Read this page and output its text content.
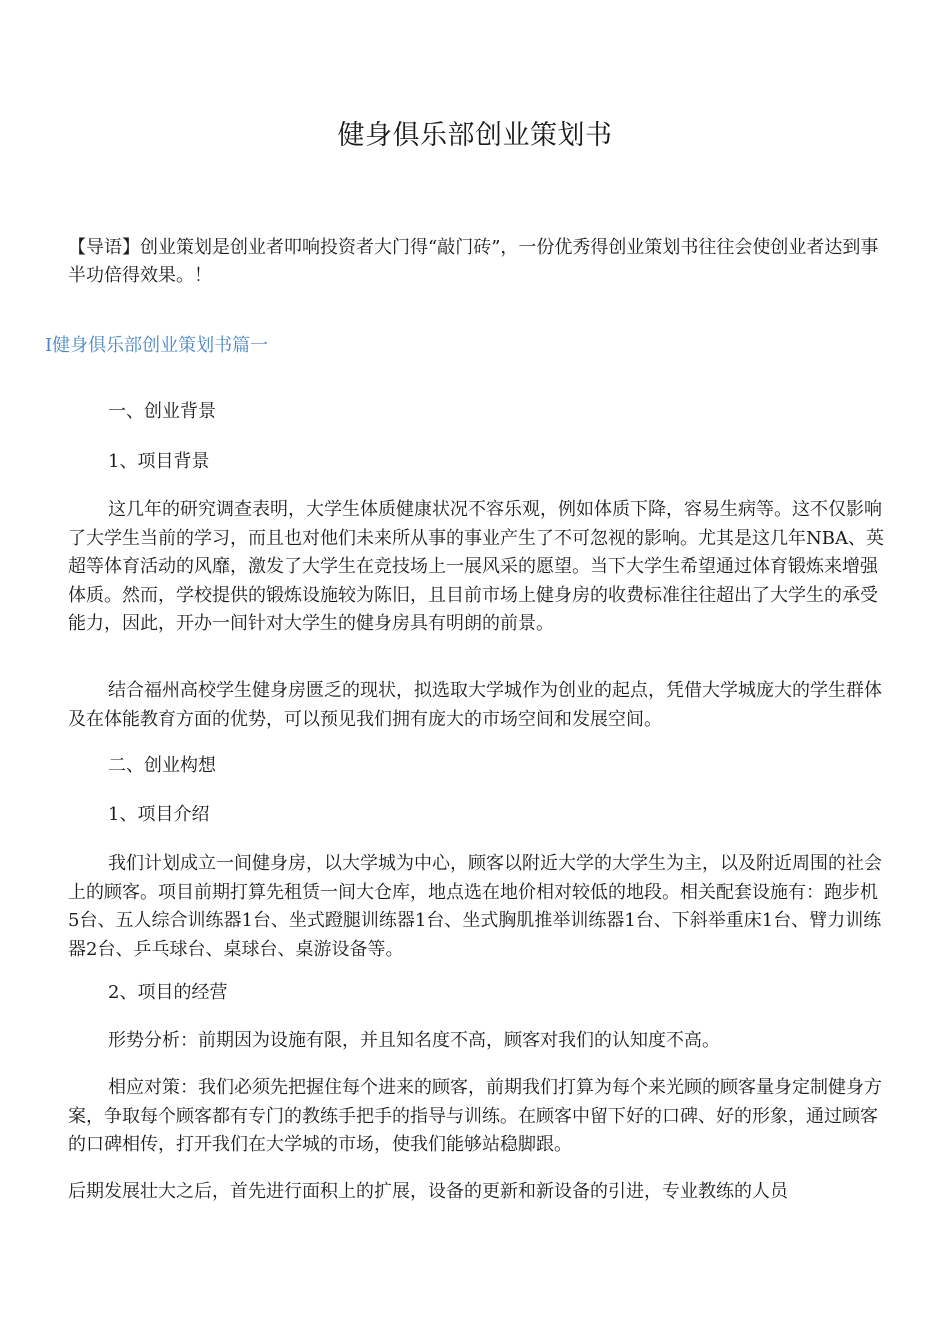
健身俱乐部创业策划书

【导语】创业策划是创业者叩响投资者大门得“敲门砖”，一份优秀得创业策划书往往会使创业者达到事半功倍得效果。！

I健身俱乐部创业策划书篇一
一、创业背景
1、项目背景

这几年的研究调查表明，大学生体质健康状况不容乐观，例如体质下降，容易生病等。这不仅影响了大学生当前的学习，而且也对他们未来所从事的事业产生了不可忽视的影响。尤其是这几年NBA、英超等体育活动的风靡，激发了大学生在竞技场上一展风采的愿望。当下大学生希望通过体育锻炼来增强体质。然而，学校提供的锻炼设施较为陈旧，且目前市场上健身房的收费标准往往超出了大学生的承受能力，因此，开办一间针对大学生的健身房具有明朗的前景。

结合福州高校学生健身房匮乏的现状，拟选取大学城作为创业的起点，凭借大学城庞大的学生群体及在体能教育方面的优势，可以预见我们拥有庞大的市场空间和发展空间。

二、创业构想
1、项目介绍

我们计划成立一间健身房，以大学城为中心，顾客以附近大学的大学生为主，以及附近周围的社会上的顾客。项目前期打算先租赁一间大仓库，地点选在地价相对较低的地段。相关配套设施有：跑步机5台、五人综合训练器1台、坐式蹬腿训练器1台、坐式胸肌推举训练器1台、下斜举重床1台、臂力训练器2台、乒乓球台、桌球台、桌游设备等。

2、项目的经营

形势分析：前期因为设施有限，并且知名度不高，顾客对我们的认知度不高。

相应对策：我们必须先把握住每个进来的顾客，前期我们打算为每个来光顾的顾客量身定制健身方案，争取每个顾客都有专门的教练手把手的指导与训练。在顾客中留下好的口碑、好的形象，通过顾客的口碑相传，打开我们在大学城的市场，使我们能够站稳脚跟。

后期发展壮大之后，首先进行面积上的扩展，设备的更新和新设备的引进，专业教练的人员
